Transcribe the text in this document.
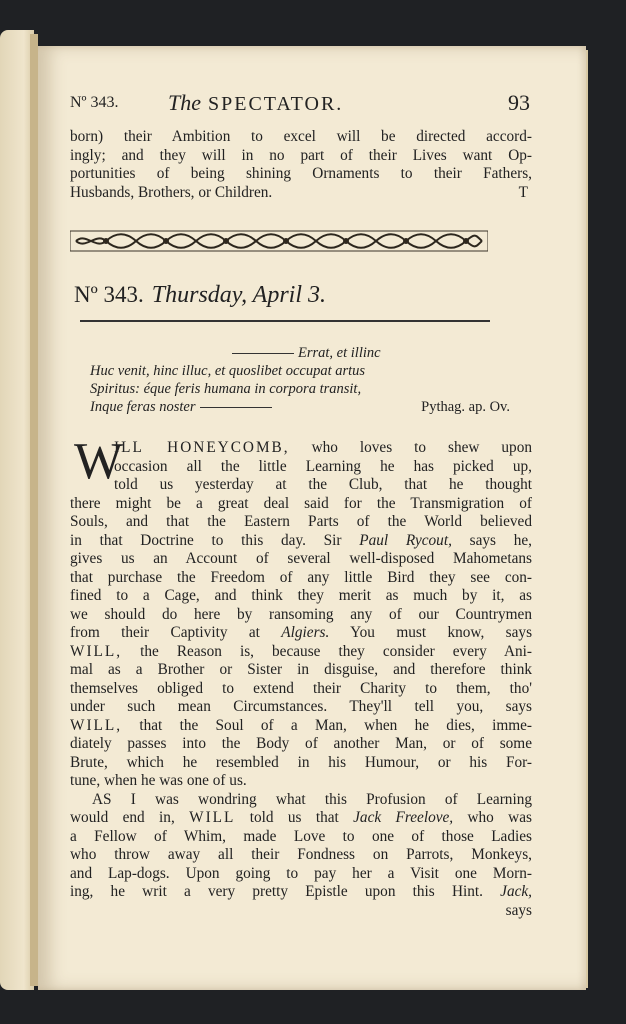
Nº 343. The SPECTATOR.	93
born) their Ambition to excel will be directed accord-
ingly; and they will in no part of their Lives want Op-
portunities of being shining Ornaments to their Fathers,
Husbands, Brothers, or Children.	T
Nº 343. Thursday, April 3.
Errat, et illinc
Huc venit, hinc illuc, et quoslibet occupat artus
Spiritus: éque feris humana in corpora transit,
Inque feras noster	Pythag. ap. Ov.
W
ILL HONEYCOMB, who loves to shew upon
occasion all the little Learning he has picked up,
told us yesterday at the Club, that he thought
there might be a great deal said for the Transmigration of
Souls, and that the Eastern Parts of the World believed
in that Doctrine to this day. Sir Paul Rycout, says he,
gives us an Account of several well-disposed Mahometans
that purchase the Freedom of any little Bird they see con-
fined to a Cage, and think they merit as much by it, as
we should do here by ransoming any of our Countrymen
from their Captivity at Algiers. You must know, says
WILL, the Reason is, because they consider every Ani-
mal as a Brother or Sister in disguise, and therefore think
themselves obliged to extend their Charity to them, tho'
under such mean Circumstances. They'll tell you, says
WILL, that the Soul of a Man, when he dies, imme-
diately passes into the Body of another Man, or of some
Brute, which he resembled in his Humour, or his For-
tune, when he was one of us.
AS I was wondring what this Profusion of Learning
would end in, WILL told us that Jack Freelove, who was
a Fellow of Whim, made Love to one of those Ladies
who throw away all their Fondness on Parrots, Monkeys,
and Lap-dogs. Upon going to pay her a Visit one Morn-
ing, he writ a very pretty Epistle upon this Hint. Jack,
says
